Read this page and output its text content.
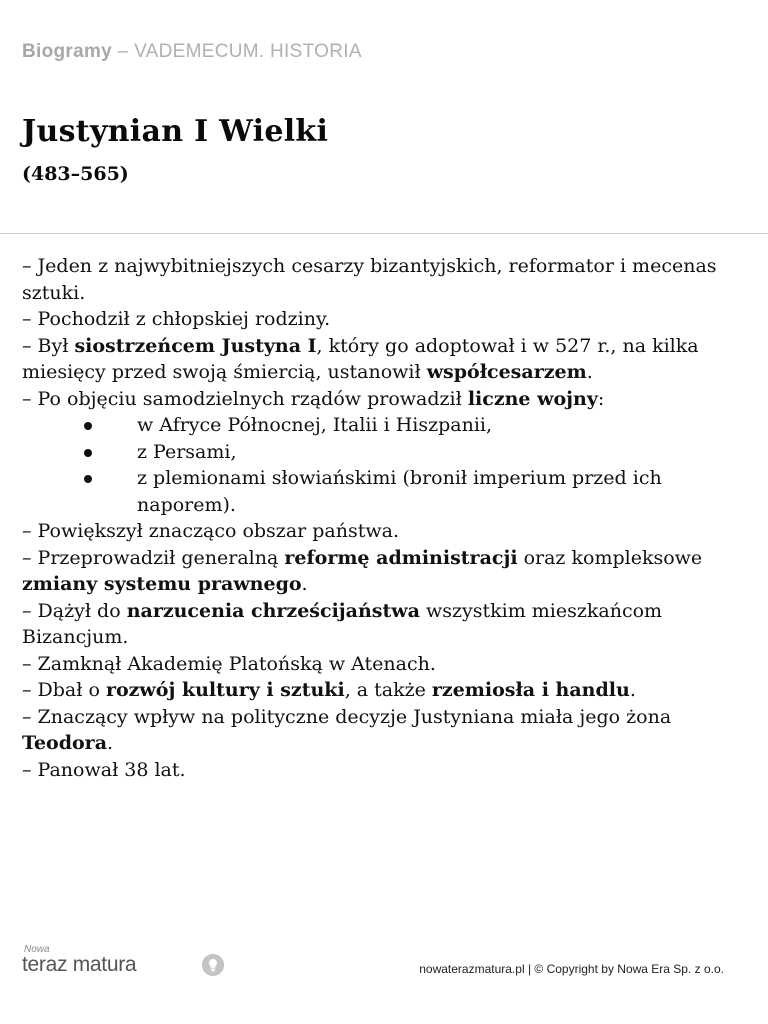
Biogramy – VADEMECUM. HISTORIA
Justynian I Wielki
(483–565)
– Jeden z najwybitniejszych cesarzy bizantyjskich, reformator i mecenas sztuki.
– Pochodził z chłopskiej rodziny.
– Był siostrzeńcem Justyna I, który go adoptował i w 527 r., na kilka miesięcy przed swoją śmiercią, ustanowił współcesarzem.
– Po objęciu samodzielnych rządów prowadził liczne wojny:
w Afryce Północnej, Italii i Hiszpanii,
z Persami,
z plemionami słowiańskimi (bronił imperium przed ich naporem).
– Powiększył znacząco obszar państwa.
– Przeprowadził generalną reformę administracji oraz kompleksowe zmiany systemu prawnego.
– Dążył do narzucenia chrześcijaństwa wszystkim mieszkańcom Bizancjum.
– Zamknął Akademię Platońską w Atenach.
– Dbał o rozwój kultury i sztuki, a także rzemiosła i handlu.
– Znaczący wpływ na polityczne decyzje Justyniana miała jego żona Teodora.
– Panował 38 lat.
Nowa
teraz matura	nowaterazmatura.pl | © Copyright by Nowa Era Sp. z o.o.
